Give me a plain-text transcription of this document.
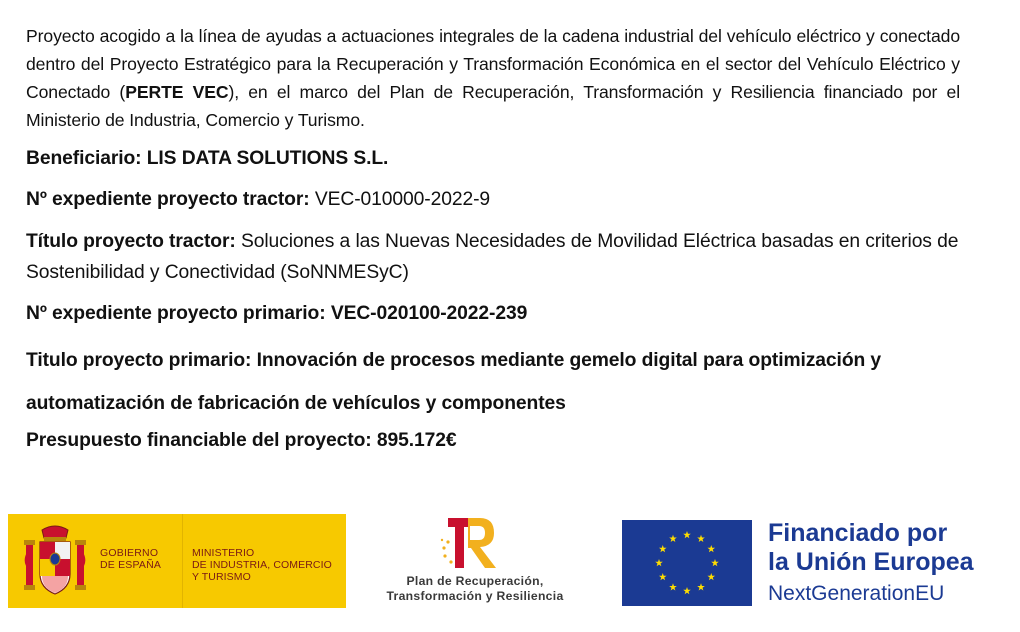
Proyecto acogido a la línea de ayudas a actuaciones integrales de la cadena industrial del vehículo eléctrico y conectado dentro del Proyecto Estratégico para la Recuperación y Transformación Económica en el sector del Vehículo Eléctrico y Conectado (PERTE VEC), en el marco del Plan de Recuperación, Transformación y Resiliencia financiado por el Ministerio de Industria, Comercio y Turismo.

Beneficiario: LIS DATA SOLUTIONS S.L.

Nº expediente proyecto tractor: VEC-010000-2022-9

Título proyecto tractor: Soluciones a las Nuevas Necesidades de Movilidad Eléctrica basadas en criterios de Sostenibilidad y Conectividad (SoNNMESyC)

Nº expediente proyecto primario: VEC-020100-2022-239

Titulo proyecto primario: Innovación de procesos mediante gemelo digital para optimización y automatización de fabricación de vehículos y componentes

Presupuesto financiable del proyecto: 895.172€

GOBIERNO
DE ESPAÑA
MINISTERIO
DE INDUSTRIA, COMERCIO
Y TURISMO	Plan de Recuperación,
Transformación y Resiliencia
Financiado por
la Unión Europea
NextGenerationEU
